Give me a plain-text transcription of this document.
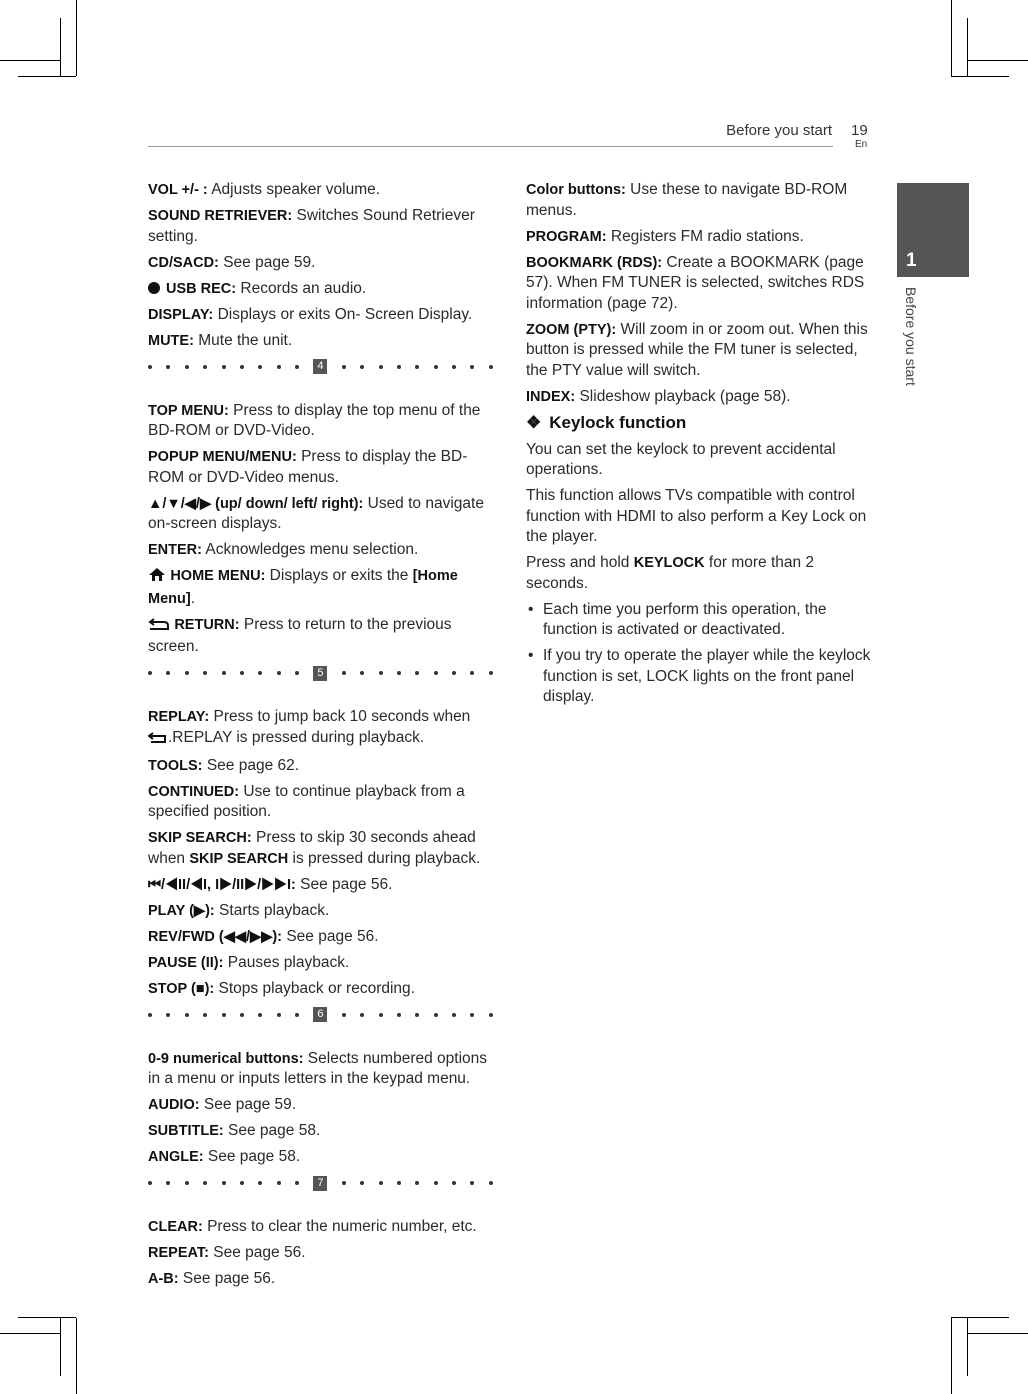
Before you start 19
En
1
Before you start
VOL +/- : Adjusts speaker volume.
SOUND RETRIEVER: Switches Sound Retriever setting.
CD/SACD: See page 59.
USB REC: Records an audio.
DISPLAY: Displays or exits On- Screen Display.
MUTE: Mute the unit.
4
TOP MENU: Press to display the top menu of the BD-ROM or DVD-Video.
POPUP MENU/MENU: Press to display the BD-ROM or DVD-Video menus.
▲/▼/◀/▶ (up/ down/ left/ right): Used to navigate on-screen displays.
ENTER: Acknowledges menu selection.
HOME MENU: Displays or exits the [Home Menu].
RETURN: Press to return to the previous screen.
5
REPLAY: Press to jump back 10 seconds when .REPLAY is pressed during playback.
TOOLS: See page 62.
CONTINUED: Use to continue playback from a specified position.
SKIP SEARCH: Press to skip 30 seconds ahead when SKIP SEARCH is pressed during playback.
⏮/◀II/◀I, I▶/II▶/▶▶I: See page 56.
PLAY (▶): Starts playback.
REV/FWD (◀◀/▶▶): See page 56.
PAUSE (II): Pauses playback.
STOP (■): Stops playback or recording.
6
0-9 numerical buttons: Selects numbered options in a menu or inputs letters in the keypad menu.
AUDIO: See page 59.
SUBTITLE: See page 58.
ANGLE: See page 58.
7
CLEAR: Press to clear the numeric number, etc.
REPEAT: See page 56.
A-B: See page 56.
Color buttons: Use these to navigate BD-ROM menus.
PROGRAM: Registers FM radio stations.
BOOKMARK (RDS): Create a BOOKMARK (page 57). When FM TUNER is selected, switches RDS information (page 72).
ZOOM (PTY): Will zoom in or zoom out. When this button is pressed while the FM tuner is selected, the PTY value will switch.
INDEX: Slideshow playback (page 58).
❖ Keylock function
You can set the keylock to prevent accidental operations.
This function allows TVs compatible with control function with HDMI to also perform a Key Lock on the player.
Press and hold KEYLOCK for more than 2 seconds.
• Each time you perform this operation, the function is activated or deactivated.
• If you try to operate the player while the keylock function is set, LOCK lights on the front panel display.
